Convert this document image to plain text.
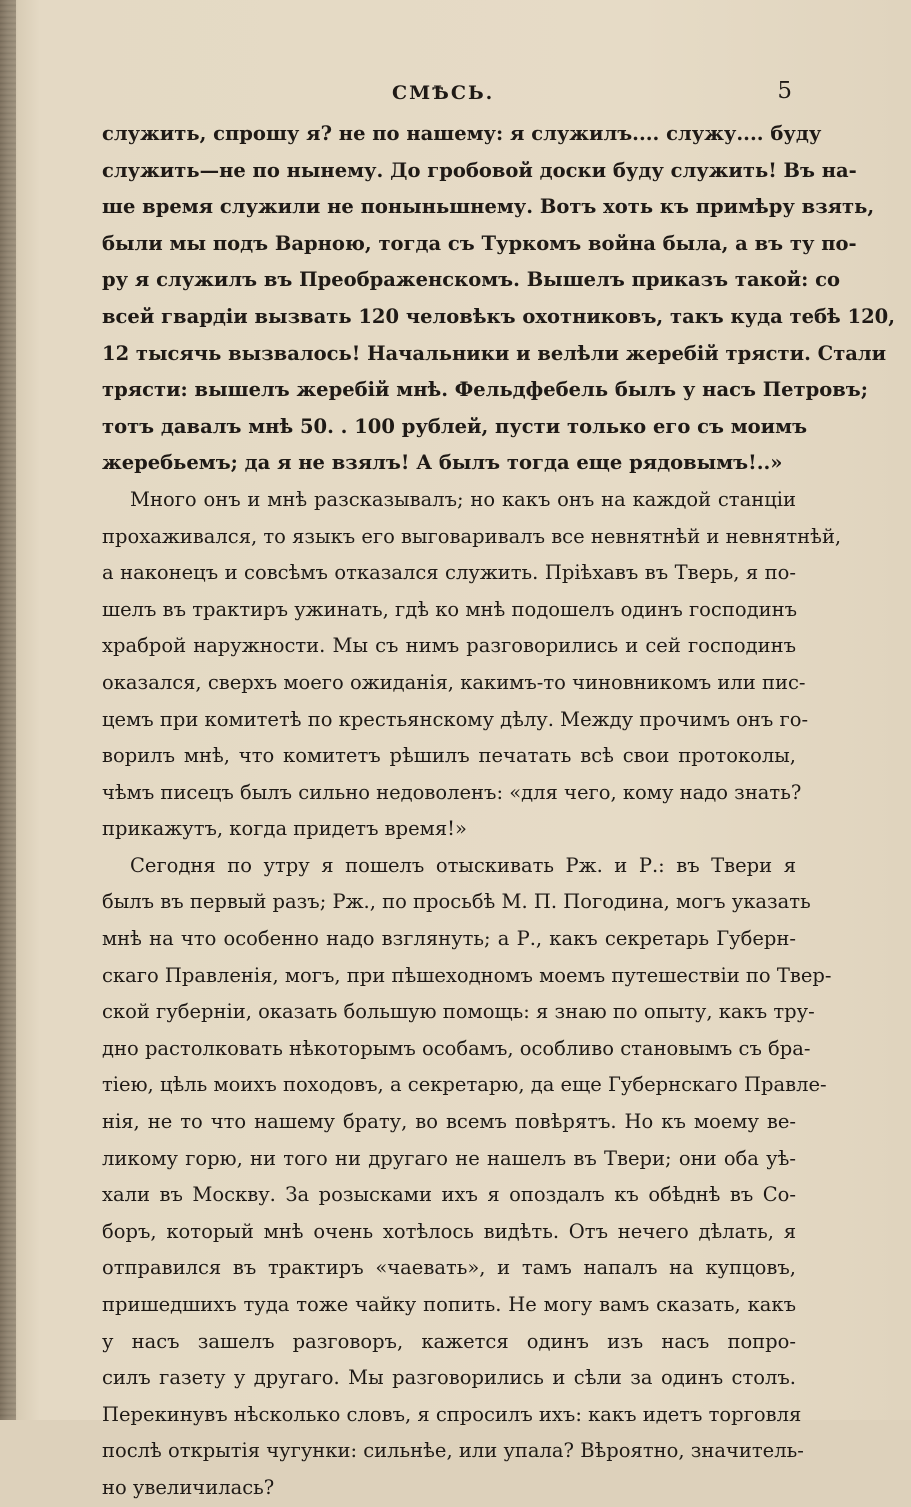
СМѢСЬ.	5
служить, спрошу я? не по нашему: я служилъ.... служу.... буду
служить—не по нынему. До гробовой доски буду служить! Въ на-
ше время служили не поныньшнему. Вотъ хоть къ примѣру взять,
были мы подъ Варною, тогда съ Туркомъ война была, а въ ту по-
ру я служилъ въ Преображенскомъ. Вышелъ приказъ такой: со
всей гвардіи вызвать 120 человѣкъ охотниковъ, такъ куда тебѣ 120,
12 тысячь вызвалось! Начальники и велѣли жеребій трясти. Стали
трясти: вышелъ жеребій мнѣ. Фельдфебель былъ у насъ Петровъ;
тотъ давалъ мнѣ 50. . 100 рублей, пусти только его съ моимъ
жеребьемъ; да я не взялъ! А былъ тогда еще рядовымъ!..»
Много онъ и мнѣ разсказывалъ; но какъ онъ на каждой станціи
прохаживался, то языкъ его выговаривалъ все невнятнѣй и невнятнѣй,
а наконецъ и совсѣмъ отказался служить. Пріѣхавъ въ Тверь, я по-
шелъ въ трактиръ ужинать, гдѣ ко мнѣ подошелъ одинъ господинъ
храброй наружности. Мы съ нимъ разговорились и сей господинъ
оказался, сверхъ моего ожиданія, какимъ-то чиновникомъ или пис-
цемъ при комитетѣ по крестьянскому дѣлу. Между прочимъ онъ го-
ворилъ мнѣ, что комитетъ рѣшилъ печатать всѣ свои протоколы,
чѣмъ писецъ былъ сильно недоволенъ: «для чего, кому надо знать?
прикажутъ, когда придетъ время!»
Сегодня по утру я пошелъ отыскивать Рж. и Р.: въ Твери я
былъ въ первый разъ; Рж., по просьбѣ М. П. Погодина, могъ указать
мнѣ на что особенно надо взглянуть; а Р., какъ секретарь Губерн-
скаго Правленія, могъ, при пѣшеходномъ моемъ путешествіи по Твер-
ской губерніи, оказать большую помощь: я знаю по опыту, какъ тру-
дно растолковать нѣкоторымъ особамъ, особливо становымъ съ бра-
тіею, цѣль моихъ походовъ, а секретарю, да еще Губернскаго Правле-
нія, не то что нашему брату, во всемъ повѣрятъ. Но къ моему ве-
ликому горю, ни того ни другаго не нашелъ въ Твери; они оба уѣ-
хали въ Москву. За розысками ихъ я опоздалъ къ обѣднѣ въ Со-
боръ, который мнѣ очень хотѣлось видѣть. Отъ нечего дѣлать, я
отправился въ трактиръ «чаевать», и тамъ напалъ на купцовъ,
пришедшихъ туда тоже чайку попить. Не могу вамъ сказать, какъ
у насъ зашелъ разговоръ, кажется одинъ изъ насъ попро-
силъ газету у другаго. Мы разговорились и сѣли за одинъ столъ.
Перекинувъ нѣсколько словъ, я спросилъ ихъ: какъ идетъ торговля
послѣ открытія чугунки: сильнѣе, или упала? Вѣроятно, значитель-
но увеличилась?
